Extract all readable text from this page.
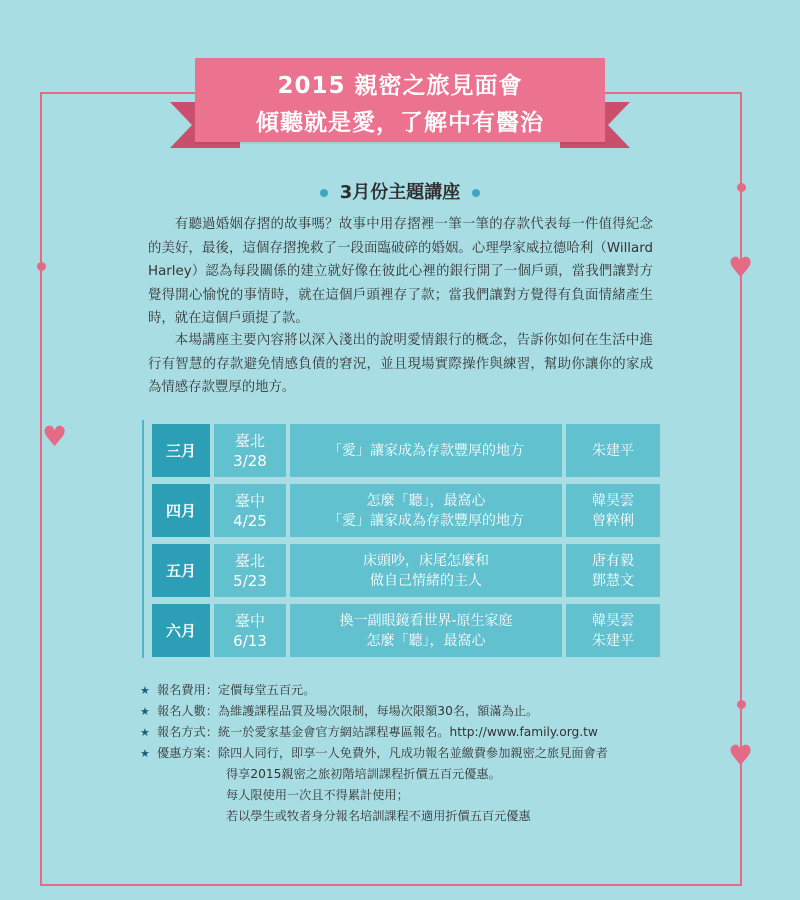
♥
♥
♥
2015 親密之旅見面會
傾聽就是愛，了解中有醫治
3月份主題講座
有聽過婚姻存摺的故事嗎？故事中用存摺裡一筆一筆的存款代表每一件值得紀念的美好，最後，這個存摺挽救了一段面臨破碎的婚姻。心理學家威拉德哈利（Willard Harley）認為每段關係的建立就好像在彼此心裡的銀行開了一個戶頭，當我們讓對方覺得開心愉悅的事情時，就在這個戶頭裡存了款；當我們讓對方覺得有負面情緒產生時，就在這個戶頭提了款。
本場講座主要內容將以深入淺出的說明愛情銀行的概念，告訴你如何在生活中進行有智慧的存款避免情感負債的窘況，並且現場實際操作與練習，幫助你讓你的家成為情感存款豐厚的地方。
三月
臺北
3/28
「愛」讓家成為存款豐厚的地方	朱建平
四月
臺中
4/25
怎麼「聽」，最窩心
「愛」讓家成為存款豐厚的地方
韓昊雲
曾粹俐
五月
臺北
5/23
床頭吵，床尾怎麼和
做自己情緒的主人
唐有毅
鄧慧文
六月
臺中
6/13
換一副眼鏡看世界-原生家庭
怎麼「聽」，最窩心
韓昊雲
朱建平
★ 報名費用：定價每堂五百元。
★ 報名人數：為維護課程品質及場次限制，每場次限額30名，額滿為止。
★ 報名方式：統一於愛家基金會官方網站課程專區報名。http://www.family.org.tw
★ 優惠方案：除四人同行，即享一人免費外，凡成功報名並繳費參加親密之旅見面會者
得享2015親密之旅初階培訓課程折價五百元優惠。
每人限使用一次且不得累計使用；
若以學生或牧者身分報名培訓課程不適用折價五百元優惠
